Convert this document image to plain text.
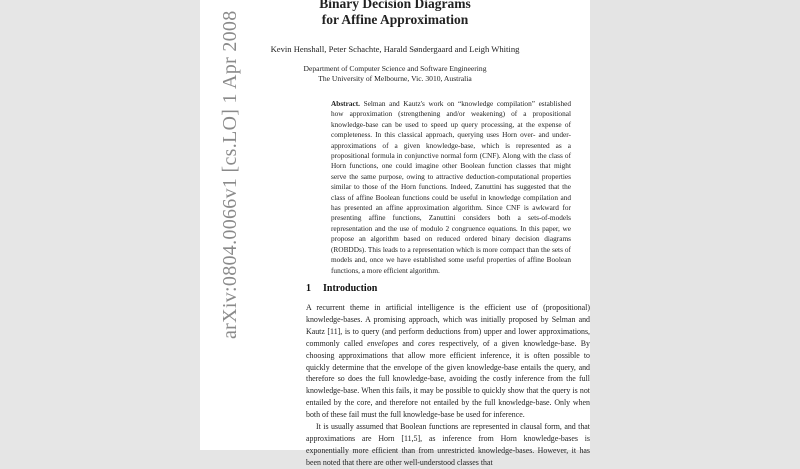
arXiv:0804.0066v1 [cs.LO] 1 Apr 2008
Binary Decision Diagrams
for Affine Approximation
Kevin Henshall, Peter Schachte, Harald Søndergaard and Leigh Whiting
Department of Computer Science and Software Engineering
The University of Melbourne, Vic. 3010, Australia

Abstract. Selman and Kautz's work on “knowledge compilation” established how approximation (strengthening and/or weakening) of a propositional knowledge-base can be used to speed up query processing, at the expense of completeness. In this classical approach, querying uses Horn over- and under-approximations of a given knowledge-base, which is represented as a propositional formula in conjunctive normal form (CNF). Along with the class of Horn functions, one could imagine other Boolean function classes that might serve the same purpose, owing to attractive deduction-computational properties similar to those of the Horn functions. Indeed, Zanuttini has suggested that the class of affine Boolean functions could be useful in knowledge compilation and has presented an affine approximation algorithm. Since CNF is awkward for presenting affine functions, Zanuttini considers both a sets-of-models representation and the use of modulo 2 congruence equations. In this paper, we propose an algorithm based on reduced ordered binary decision diagrams (ROBDDs). This leads to a representation which is more compact than the sets of models and, once we have established some useful properties of affine Boolean functions, a more efficient algorithm.

1 Introduction

A recurrent theme in artificial intelligence is the efficient use of (propositional) knowledge-bases. A promising approach, which was initially proposed by Selman and Kautz [11], is to query (and perform deductions from) upper and lower approximations, commonly called envelopes and cores respectively, of a given knowledge-base. By choosing approximations that allow more efficient inference, it is often possible to quickly determine that the envelope of the given knowledge-base entails the query, and therefore so does the full knowledge-base, avoiding the costly inference from the full knowledge-base. When this fails, it may be possible to quickly show that the query is not entailed by the core, and therefore not entailed by the full knowledge-base. Only when both of these fail must the full knowledge-base be used for inference.

It is usually assumed that Boolean functions are represented in clausal form, and that approximations are Horn [11,5], as inference from Horn knowledge-bases is exponentially more efficient than from unrestricted knowledge-bases. However, it has been noted that there are other well-understood classes that
